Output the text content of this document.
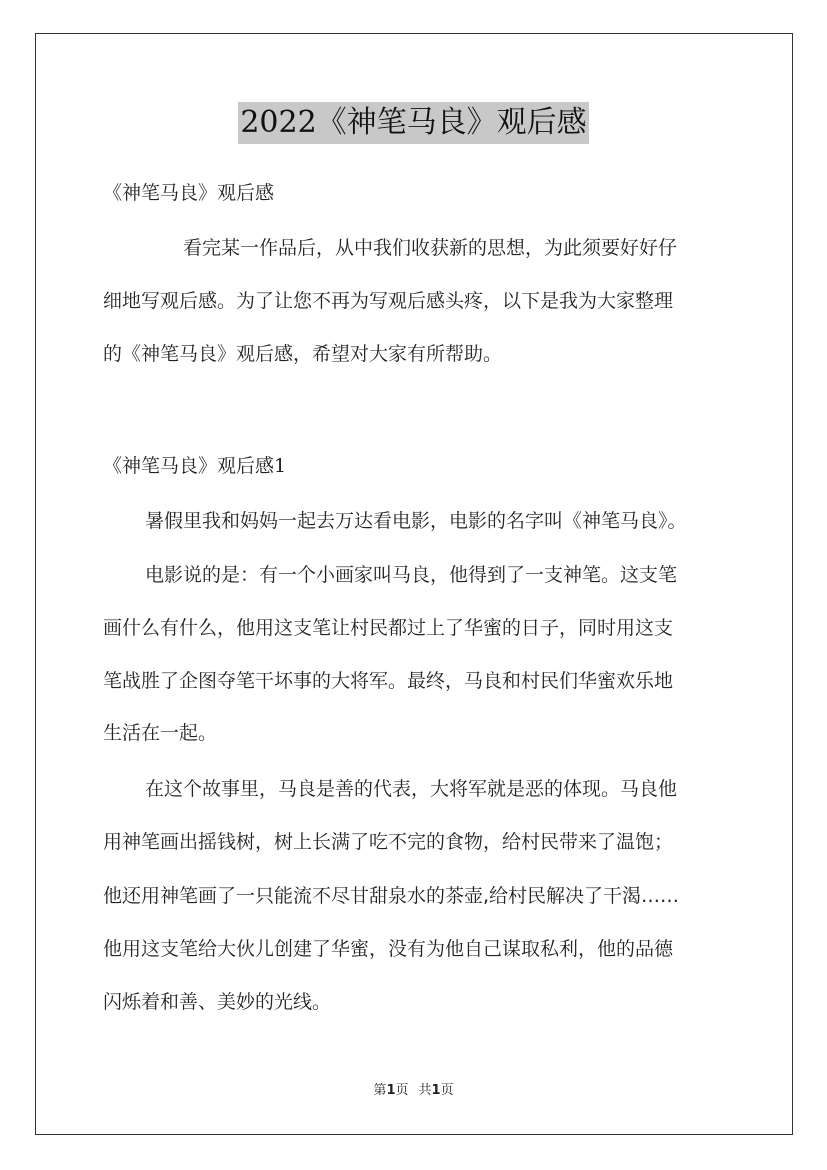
2022《神笔马良》观后感

《神笔马良》观后感

看完某一作品后，从中我们收获新的思想，为此须要好好仔

细地写观后感。为了让您不再为写观后感头疼，以下是我为大家整理

的《神笔马良》观后感，希望对大家有所帮助。

《神笔马良》观后感1

暑假里我和妈妈一起去万达看电影，电影的名字叫《神笔马良》。

电影说的是：有一个小画家叫马良，他得到了一支神笔。这支笔

画什么有什么，他用这支笔让村民都过上了华蜜的日子，同时用这支

笔战胜了企图夺笔干坏事的大将军。最终，马良和村民们华蜜欢乐地

生活在一起。

在这个故事里，马良是善的代表，大将军就是恶的体现。马良他

用神笔画出摇钱树，树上长满了吃不完的食物，给村民带来了温饱；

他还用神笔画了一只能流不尽甘甜泉水的茶壶,给村民解决了干渴……

他用这支笔给大伙儿创建了华蜜，没有为他自己谋取私利，他的品德

闪烁着和善、美妙的光线。

第1页 共1页
